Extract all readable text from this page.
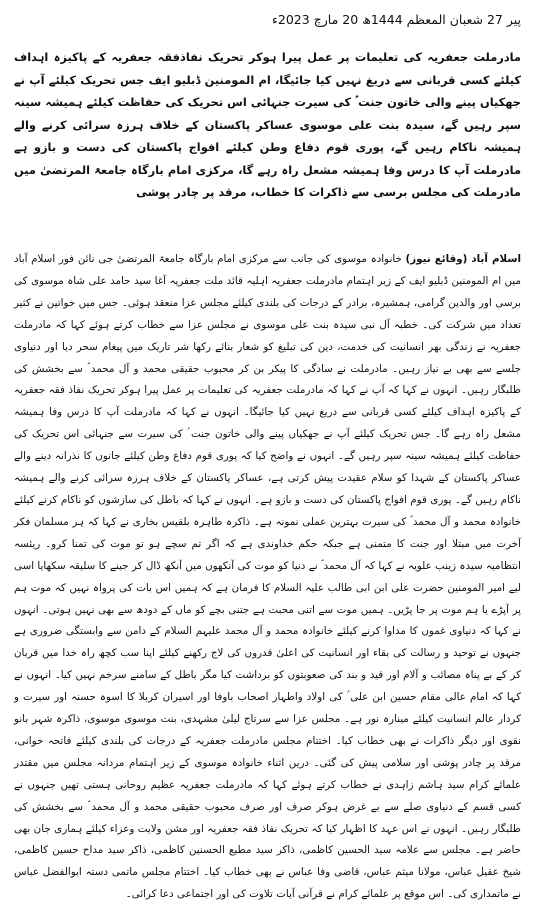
پیر 27 شعبان المعظم 1444ھ 20 مارچ 2023ء

مادرملت جعفریہ کی تعلیمات پر عمل پیرا ہوکر تحریک نفاذفقہ جعفریہ کے پاکیزہ اہداف کیلئے کسی قربانی سے دریغ نہیں کیا جائیگا، ام المومنین ڈبلیو ایف جس تحریک کیلئے آپ نے جھکیاں پینے والی خاتون جنت ؑ کی سیرت جنہائی اس تحریک کی حفاظت کیلئے ہمیشہ سینہ سپر رہیں گے، سیدہ بنت علی موسوی عساکر پاکستان کے خلاف ہرزہ سرائی کرنے والے ہمیشہ ناکام رہیں گے، پوری قوم دفاع وطن کیلئے افواج پاکستان کی دست و بازو ہے مادرملت آپ کا درس وفا ہمیشہ مشعل راہ رہے گا، مرکزی امام بارگاہ جامعۃ المرتضیٰ میں مادرملت کی مجلس برسی سے ذاکرات کا خطاب، مرقد پر چادر پوشی

اسلام آباد (وقائع نیوز) خانوادہ موسوی کی جانب سے مرکزی امام بارگاہ جامعۃ المرتضیٰ جی نائن فور اسلام آباد میں ام المومنین ڈبلیو ایف کے زیر اہتمام مادرملت جعفریہ اہلیہ قائد ملت جعفریہ آغا سید حامد علی شاہ موسوی کی برسی اور والدین گرامی، ہمشیرہ، برادر کے درجات کی بلندی کیلئے مجلس عزا منعقد ہوئی۔ جس میں خواتین نے کثیر تعداد میں شرکت کی۔ خطبہ آل نبی سیدہ بنت علی موسوی نے مجلس عزا سے خطاب کرتے ہوئے کہا کہ مادرملت جعفریہ نے زندگی بھر انسانیت کی خدمت، دین کی تبلیغ کو شعار بنائے رکھا شر تاریک میں پیغام سحر دیا اور دنیاوی جلسے سے بھی بے نیاز رہیں۔ مادرملت نے سادگی کا پیکر بن کر محبوب حقیقی محمد و آل محمد ؐ سے بخشش کی طلبگار رہیں۔ انہوں نے کہا کہ آپ نے کہا کہ مادرملت جعفریہ کی تعلیمات پر عمل پیرا ہوکر تحریک نفاذ فقہ جعفریہ کے پاکیزہ اہداف کیلئے کسی قربانی سے دریغ نہیں کیا جائیگا۔ انہوں نے کہا کہ مادرملت آپ کا درس وفا ہمیشہ مشعل راہ رہے گا۔ جس تحریک کیلئے آپ نے جھکیاں پینے والی خاتون جنت ؑ کی سیرت سے جنہائی اس تحریک کی حفاظت کیلئے ہمیشہ سینہ سپر رہیں گے۔ انہوں نے واضح کیا کہ پوری قوم دفاع وطن کیلئے جانوں کا نذرانہ دینے والے عساکر پاکستان کے شہدا کو سلام عقیدت پیش کرتی ہے، عساکر پاکستان کے خلاف ہرزہ سرائی کرنے والے ہمیشہ ناکام رہیں گے۔ پوری قوم افواج پاکستان کی دست و بازو ہے۔ انہوں نے کہا کہ باطل کی سازشوں کو ناکام کرنے کیلئے خانوادہ محمد و آل محمد ؐ کی سیرت بہترین عملی نمونہ ہے۔ ذاکرہ طاہرہ بلقیس بخاری نے کہا کہ ہر مسلمان فکر آخرت میں مبتلا اور جنت کا متمنی ہے جبکہ حکم خداوندی ہے کہ اگر تم سچے ہو تو موت کی تمنا کرو۔ ریئسہ انتظامیہ سیدہ زینب علویہ نے کہا کہ آل محمد ؐ نے دنیا کو موت کی آنکھوں میں آنکھ ڈال کر جینے کا سلیقہ سکھایا اسی لیے امیر المومنین حضرت علی ابن ابی طالب علیہ السلام کا فرمان ہے کہ ہمیں اس بات کی پرواہ نہیں کہ موت ہم پر آپڑے یا ہم موت پر جا پڑیں۔ ہمیں موت سے اتنی محبت ہے جتنی بچے کو ماں کے دودھ سے بھی نہیں ہوتی۔ انہوں نے کہا کہ دنیاوی غموں کا مداوا کرنے کیلئے خانوادہ محمد و آل محمد علیہم السلام کے دامن سے وابستگی ضروری ہے جنہوں نے توحید و رسالت کی بقاء اور انسانیت کی اعلیٰ قدروں کی لاج رکھنے کیلئے اپنا سب کچھ راہ خدا میں قربان کر کے بے پناہ مصائب و آلام اور قید و بند کی صعوبتوں کو برداشت کیا مگر باطل کے سامنے سرخم نہیں کیا۔ انہوں نے کہا کہ امام عالی مقام حسین ابن علی ؑ کی اولاد واطہار اصحاب باوفا اور اسیران کربلا کا اسوہ حسنہ اور سیرت و کردار عالم انسانیت کیلئے مینارہ نور ہے۔ مجلس عزا سے سرتاج لیلیٰ مشہدی، بنت موسوی موسوی، ذاکرہ شہر بانو نقوی اور دیگر ذاکرات نے بھی خطاب کیا۔ اختتام مجلس مادرملت جعفریہ کے درجات کی بلندی کیلئے فاتحہ خوانی، مرقد پر چادر پوشی اور سلامی پیش کی گئی۔ دریں اثناء خانوادہ موسوی کے زیر اہتمام مردانہ مجلس میں مقتدر علمائے کرام سید ہاشم زاہدی نے خطاب کرتے ہوئے کہا کہ مادرملت جعفریہ عظیم روحانی ہستی تھیں جنہوں نے کسی قسم کے دنیاوی صلے سے بے غرض ہوکر صرف اور صرف محبوب حقیقی محمد و آل محمد ؐ سے بخشش کی طلبگار رہیں۔ انہوں نے اس عہد کا اظہار کیا کہ تحریک نفاذ فقہ جعفریہ اور مشن ولایت وعزاء کیلئے ہماری جان بھی حاضر ہے۔ مجلس سے علامہ سید الحسین کاظمی، ذاکر سید مطیع الحسنین کاظمی، ذاکر سید مداح حسین کاظمی، شیخ عقیل عباس، مولانا میثم عباس، قاضی وفا عباس نے بھی خطاب کیا۔ اختتام مجلس ماتمی دستہ ابوالفضل عباس نے ماتمداری کی۔ اس موقع پر علمائے کرام نے قرآنی آیات تلاوت کی اور اجتماعی دعا کرائی۔
